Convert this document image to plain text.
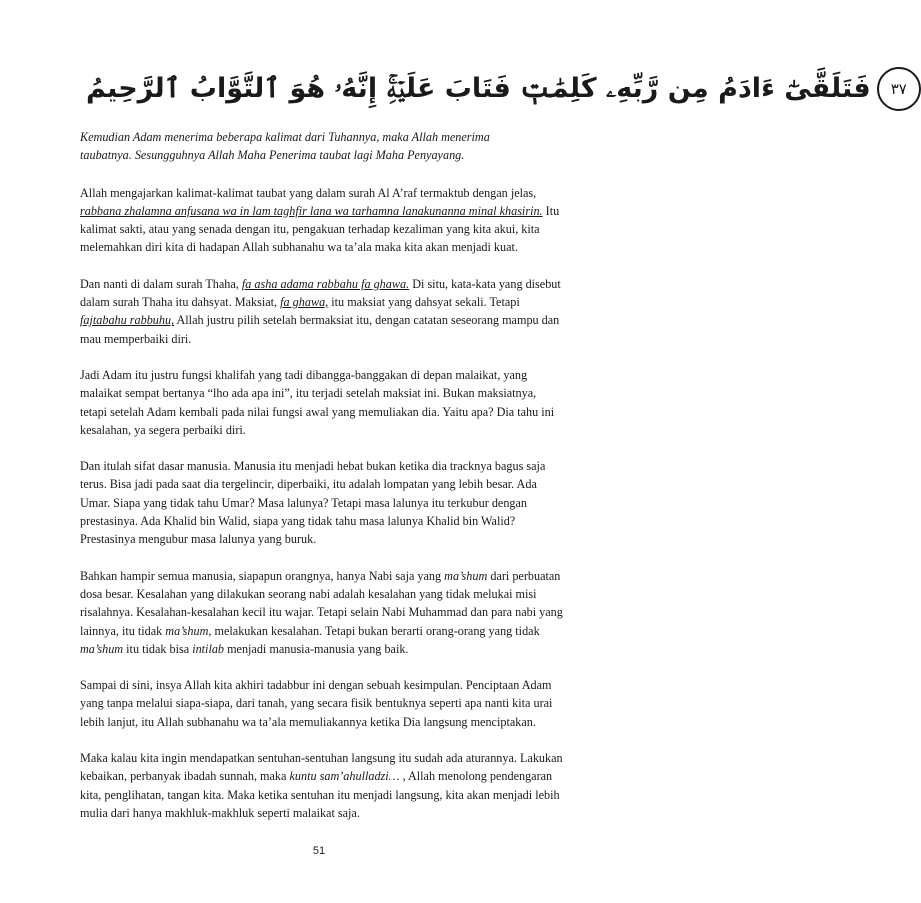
٣٧
فَتَلَقَّىٰٓ ءَادَمُ مِن رَّبِّهِۦ كَلِمَٰتٖ فَتَابَ عَلَيۡهِۚ إِنَّهُۥ هُوَ ٱلتَّوَّابُ ٱلرَّحِيمُ

Kemudian Adam menerima beberapa kalimat dari Tuhannya, maka Allah menerima
taubatnya. Sesungguhnya Allah Maha Penerima taubat lagi Maha Penyayang.

Allah mengajarkan kalimat-kalimat taubat yang dalam surah Al A’raf termaktub dengan jelas, rabbana zhalamna anfusana wa in lam taghfir lana wa tarhamna lanakunanna minal khasirin. Itu kalimat sakti, atau yang senada dengan itu, pengakuan terhadap kezaliman yang kita akui, kita melemahkan diri kita di hadapan Allah subhanahu wa ta’ala maka kita akan menjadi kuat.

Dan nanti di dalam surah Thaha, fa asha adama rabbahu fa ghawa. Di situ, kata-kata yang disebut dalam surah Thaha itu dahsyat. Maksiat, fa ghawa, itu maksiat yang dahsyat sekali. Tetapi fajtabahu rabbuhu, Allah justru pilih setelah bermaksiat itu, dengan catatan seseorang mampu dan mau memperbaiki diri.

Jadi Adam itu justru fungsi khalifah yang tadi dibangga-banggakan di depan malaikat, yang malaikat sempat bertanya “lho ada apa ini”, itu terjadi setelah maksiat ini. Bukan maksiatnya, tetapi setelah Adam kembali pada nilai fungsi awal yang memuliakan dia. Yaitu apa? Dia tahu ini kesalahan, ya segera perbaiki diri.

Dan itulah sifat dasar manusia. Manusia itu menjadi hebat bukan ketika dia tracknya bagus saja terus. Bisa jadi pada saat dia tergelincir, diperbaiki, itu adalah lompatan yang lebih besar. Ada Umar. Siapa yang tidak tahu Umar? Masa lalunya? Tetapi masa lalunya itu terkubur dengan prestasinya. Ada Khalid bin Walid, siapa yang tidak tahu masa lalunya Khalid bin Walid? Prestasinya mengubur masa lalunya yang buruk.

Bahkan hampir semua manusia, siapapun orangnya, hanya Nabi saja yang ma’shum dari perbuatan dosa besar. Kesalahan yang dilakukan seorang nabi adalah kesalahan yang tidak melukai misi risalahnya. Kesalahan-kesalahan kecil itu wajar. Tetapi selain Nabi Muhammad dan para nabi yang lainnya, itu tidak ma’shum, melakukan kesalahan. Tetapi bukan berarti orang-orang yang tidak ma’shum itu tidak bisa intilab menjadi manusia-manusia yang baik.

Sampai di sini, insya Allah kita akhiri tadabbur ini dengan sebuah kesimpulan. Penciptaan Adam yang tanpa melalui siapa-siapa, dari tanah, yang secara fisik bentuknya seperti apa nanti kita urai lebih lanjut, itu Allah subhanahu wa ta’ala memuliakannya ketika Dia langsung menciptakan.

Maka kalau kita ingin mendapatkan sentuhan-sentuhan langsung itu sudah ada aturannya. Lakukan kebaikan, perbanyak ibadah sunnah, maka kuntu sam’ahulladzi… , Allah menolong pendengaran kita, penglihatan, tangan kita. Maka ketika sentuhan itu menjadi langsung, kita akan menjadi lebih mulia dari hanya makhluk-makhluk seperti malaikat saja.

51
